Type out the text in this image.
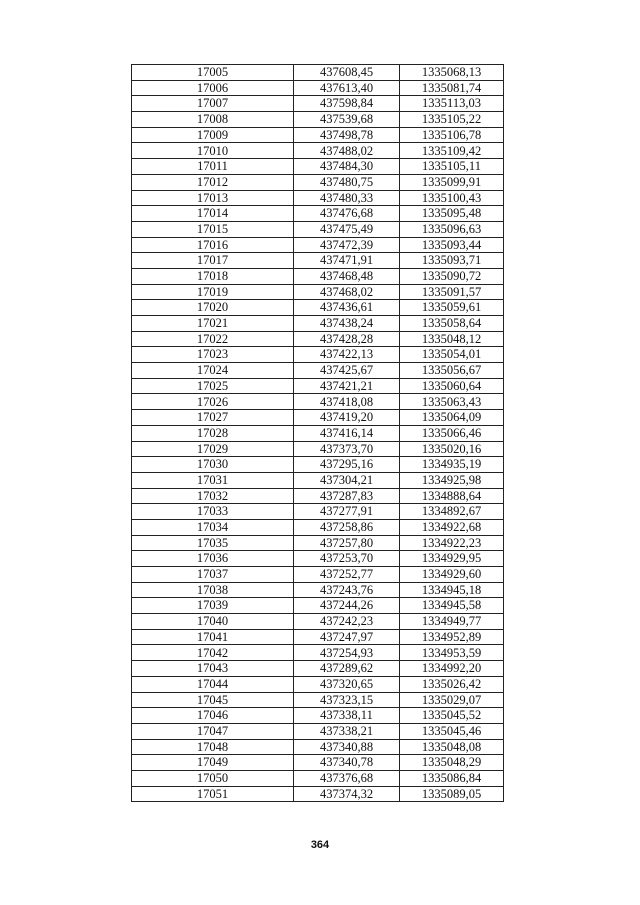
17005	437608,45	1335068,13
17006	437613,40	1335081,74
17007	437598,84	1335113,03
17008	437539,68	1335105,22
17009	437498,78	1335106,78
17010	437488,02	1335109,42
17011	437484,30	1335105,11
17012	437480,75	1335099,91
17013	437480,33	1335100,43
17014	437476,68	1335095,48
17015	437475,49	1335096,63
17016	437472,39	1335093,44
17017	437471,91	1335093,71
17018	437468,48	1335090,72
17019	437468,02	1335091,57
17020	437436,61	1335059,61
17021	437438,24	1335058,64
17022	437428,28	1335048,12
17023	437422,13	1335054,01
17024	437425,67	1335056,67
17025	437421,21	1335060,64
17026	437418,08	1335063,43
17027	437419,20	1335064,09
17028	437416,14	1335066,46
17029	437373,70	1335020,16
17030	437295,16	1334935,19
17031	437304,21	1334925,98
17032	437287,83	1334888,64
17033	437277,91	1334892,67
17034	437258,86	1334922,68
17035	437257,80	1334922,23
17036	437253,70	1334929,95
17037	437252,77	1334929,60
17038	437243,76	1334945,18
17039	437244,26	1334945,58
17040	437242,23	1334949,77
17041	437247,97	1334952,89
17042	437254,93	1334953,59
17043	437289,62	1334992,20
17044	437320,65	1335026,42
17045	437323,15	1335029,07
17046	437338,11	1335045,52
17047	437338,21	1335045,46
17048	437340,88	1335048,08
17049	437340,78	1335048,29
17050	437376,68	1335086,84
17051	437374,32	1335089,05
364
